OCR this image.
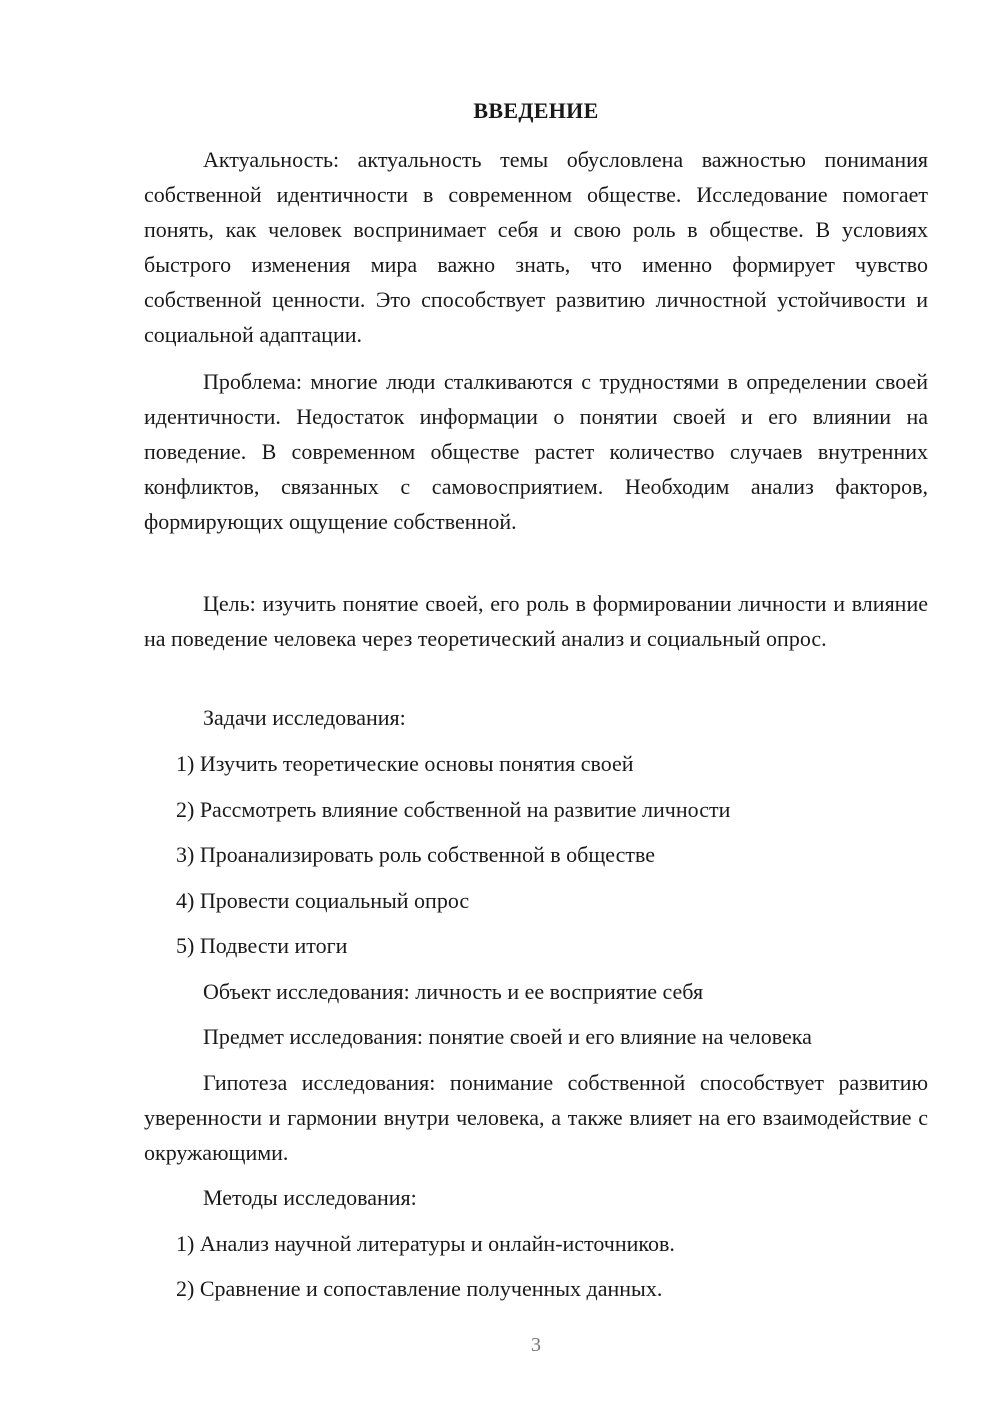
ВВЕДЕНИЕ

Актуальность: актуальность темы обусловлена важностью понимания собственной идентичности в современном обществе. Исследование помогает понять, как человек воспринимает себя и свою роль в обществе. В условиях быстрого изменения мира важно знать, что именно формирует чувство собственной ценности. Это способствует развитию личностной устойчивости и социальной адаптации.

Проблема: многие люди сталкиваются с трудностями в определении своей идентичности. Недостаток информации о понятии своей и его влиянии на поведение. В современном обществе растет количество случаев внутренних конфликтов, связанных с самовосприятием. Необходим анализ факторов, формирующих ощущение собственной.

Цель: изучить понятие своей, его роль в формировании личности и влияние на поведение человека через теоретический анализ и социальный опрос.

Задачи исследования:
1) Изучить теоретические основы понятия своей
2) Рассмотреть влияние собственной на развитие личности
3) Проанализировать роль собственной в обществе
4) Провести социальный опрос
5) Подвести итоги
Объект исследования: личность и ее восприятие себя
Предмет исследования: понятие своей и его влияние на человека

Гипотеза исследования: понимание собственной способствует развитию уверенности и гармонии внутри человека, а также влияет на его взаимодействие с окружающими.

Методы исследования:
1) Анализ научной литературы и онлайн-источников.
2) Сравнение и сопоставление полученных данных.
3
